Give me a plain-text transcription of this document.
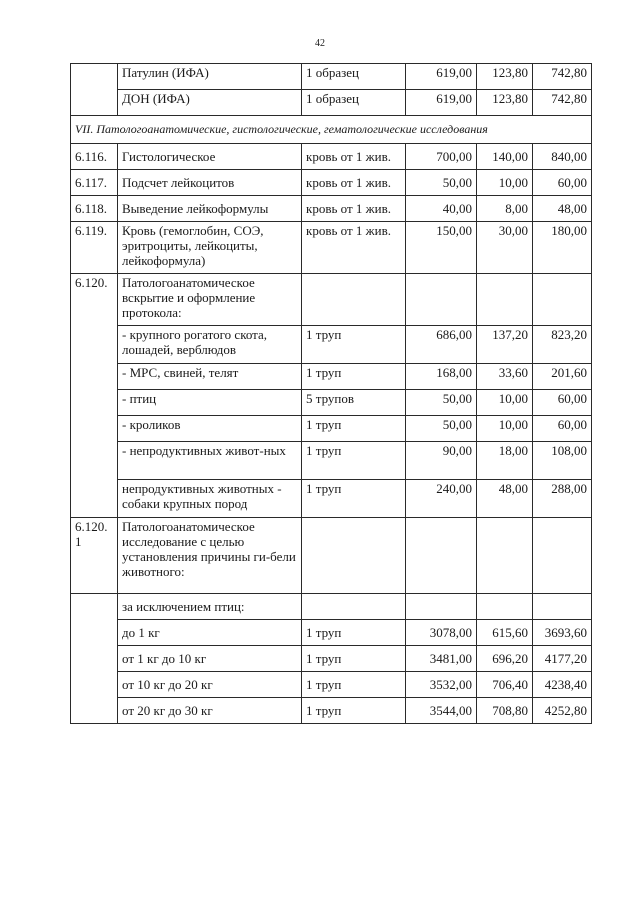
42
	Патулин (ИФА)	1 образец	619,00	123,80	742,80
	ДОН (ИФА)	1 образец	619,00	123,80	742,80
VII. Патологоанатомические, гистологические, гематологические исследования					
6.116.	Гистологическое	кровь от 1 жив.	700,00	140,00	840,00
6.117.	Подсчет лейкоцитов	кровь от 1 жив.	50,00	10,00	60,00
6.118.	Выведение лейкоформулы	кровь от 1 жив.	40,00	8,00	48,00
6.119.	Кровь (гемоглобин, СОЭ, эритроциты, лейкоциты, лейкоформула)	кровь от 1 жив.	150,00	30,00	180,00
6.120.	Патологоанатомическое вскрытие и оформление протокола:				
	- крупного рогатого скота, лошадей, верблюдов	1 труп	686,00	137,20	823,20
	- МРС, свиней, телят	1 труп	168,00	33,60	201,60
	- птиц	5 трупов	50,00	10,00	60,00
	- кроликов	1 труп	50,00	10,00	60,00
	- непродуктивных живот-ных	1 труп	90,00	18,00	108,00
	непродуктивных животных - собаки крупных пород	1 труп	240,00	48,00	288,00
6.120. 1	Патологоанатомическое исследование с целью установления причины ги-бели животного:				
	за исключением птиц:				
	до 1 кг	1 труп	3078,00	615,60	3693,60
	от 1 кг до 10 кг	1 труп	3481,00	696,20	4177,20
	от 10 кг до 20 кг	1 труп	3532,00	706,40	4238,40
	от 20 кг до 30 кг	1 труп	3544,00	708,80	4252,80
